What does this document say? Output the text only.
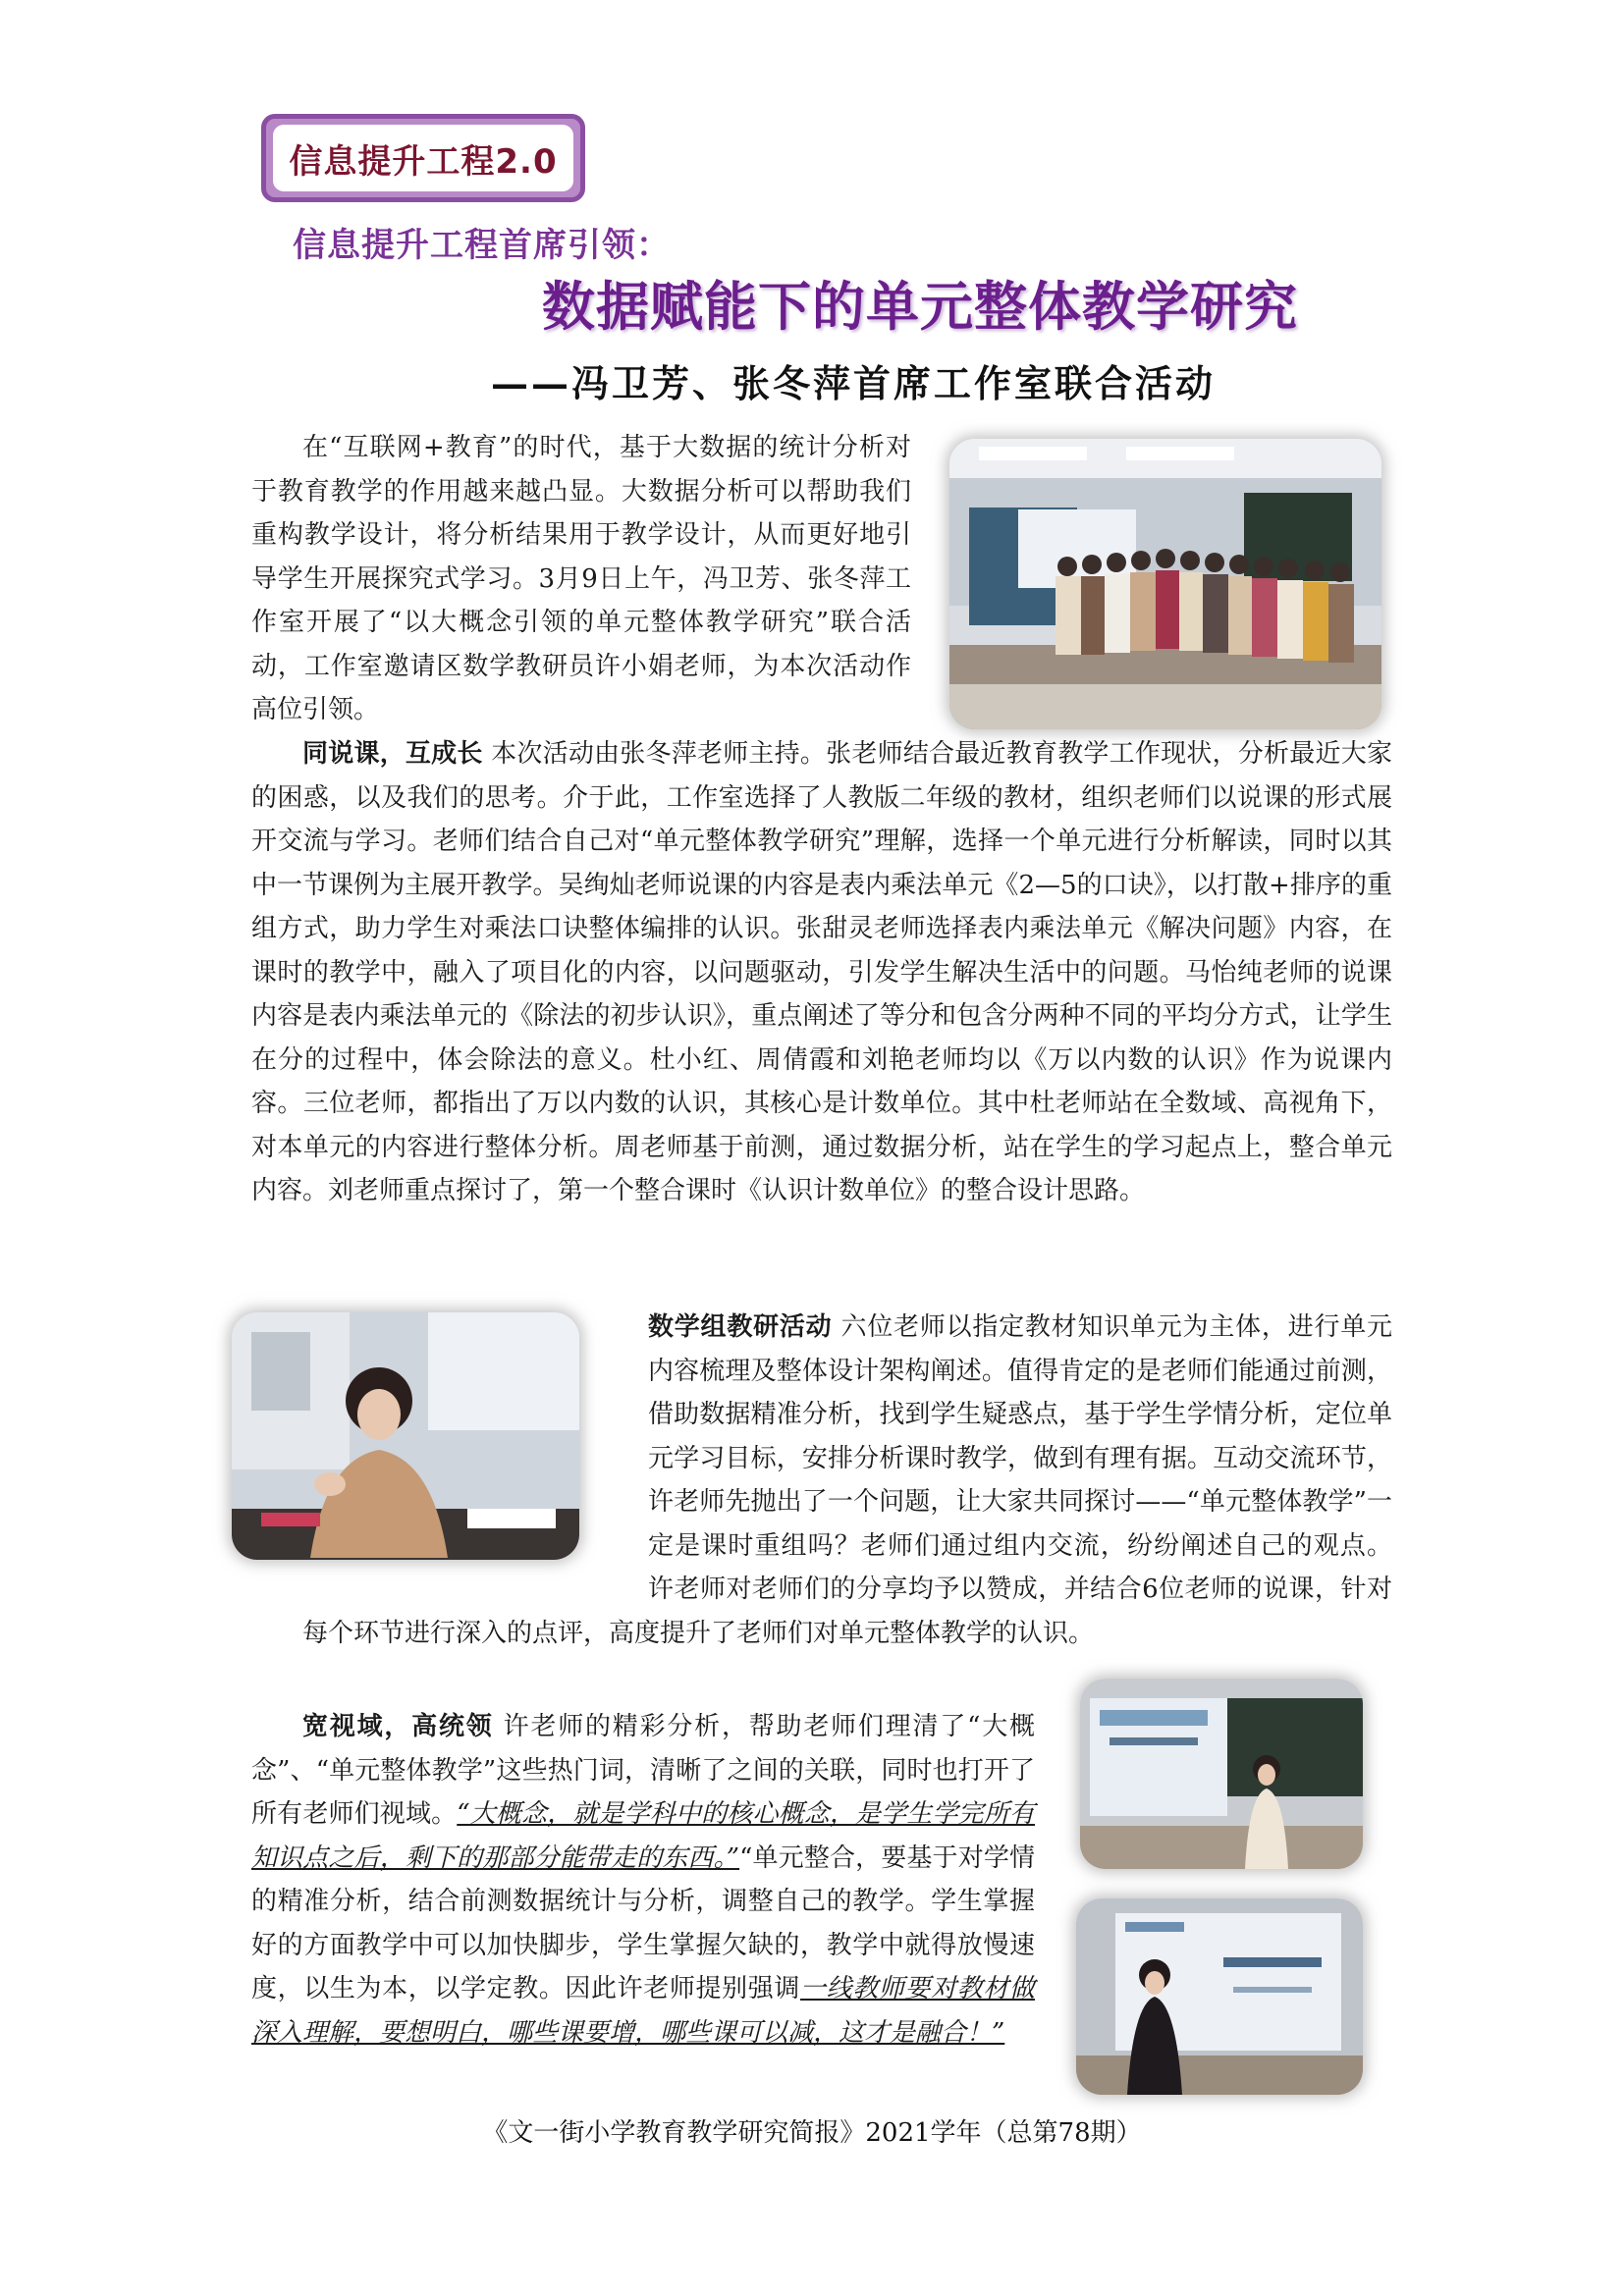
信息提升工程2.0
信息提升工程首席引领：
数据赋能下的单元整体教学研究
——冯卫芳、张冬萍首席工作室联合活动

在“互联网+教育”的时代，基于大数据的统计分析对于教育教学的作用越来越凸显。大数据分析可以帮助我们重构教学设计，将分析结果用于教学设计，从而更好地引导学生开展探究式学习。3月9日上午，冯卫芳、张冬萍工作室开展了“以大概念引领的单元整体教学研究”联合活动，工作室邀请区数学教研员许小娟老师，为本次活动作高位引领。

同说课，互成长 本次活动由张冬萍老师主持。张老师结合最近教育教学工作现状，分析最近大家的困惑，以及我们的思考。介于此，工作室选择了人教版二年级的教材，组织老师们以说课的形式展开交流与学习。老师们结合自己对“单元整体教学研究”理解，选择一个单元进行分析解读，同时以其中一节课例为主展开教学。吴绚灿老师说课的内容是表内乘法单元《2—5的口诀》，以打散+排序的重组方式，助力学生对乘法口诀整体编排的认识。张甜灵老师选择表内乘法单元《解决问题》内容，在课时的教学中，融入了项目化的内容，以问题驱动，引发学生解决生活中的问题。马怡纯老师的说课内容是表内乘法单元的《除法的初步认识》，重点阐述了等分和包含分两种不同的平均分方式，让学生在分的过程中，体会除法的意义。杜小红、周倩霞和刘艳老师均以《万以内数的认识》作为说课内容。三位老师，都指出了万以内数的认识，其核心是计数单位。其中杜老师站在全数域、高视角下，对本单元的内容进行整体分析。周老师基于前测，通过数据分析，站在学生的学习起点上，整合单元内容。刘老师重点探讨了，第一个整合课时《认识计数单位》的整合设计思路。

数学组教研活动 六位老师以指定教材知识单元为主体，进行单元内容梳理及整体设计架构阐述。值得肯定的是老师们能通过前测，借助数据精准分析，找到学生疑惑点，基于学生学情分析，定位单元学习目标，安排分析课时教学，做到有理有据。互动交流环节，许老师先抛出了一个问题，让大家共同探讨——“单元整体教学”一定是课时重组吗？老师们通过组内交流，纷纷阐述自己的观点。 许老师对老师们的分享均予以赞成，并结合6位老师的说课，针对每个环节进行深入的点评，高度提升了老师们对单元整体教学的认识。

宽视域，高统领 许老师的精彩分析，帮助老师们理清了“大概念”、“单元整体教学”这些热门词，清晰了之间的关联，同时也打开了所有老师们视域。“大概念，就是学科中的核心概念，是学生学完所有知识点之后，剩下的那部分能带走的东西。”“单元整合，要基于对学情的精准分析，结合前测数据统计与分析，调整自己的教学。学生掌握好的方面教学中可以加快脚步，学生掌握欠缺的，教学中就得放慢速度，以生为本，以学定教。因此许老师提别强调一线教师要对教材做深入理解，要想明白，哪些课要增，哪些课可以减，这才是融合！”

《文一街小学教育教学研究简报》2021学年（总第78期）
